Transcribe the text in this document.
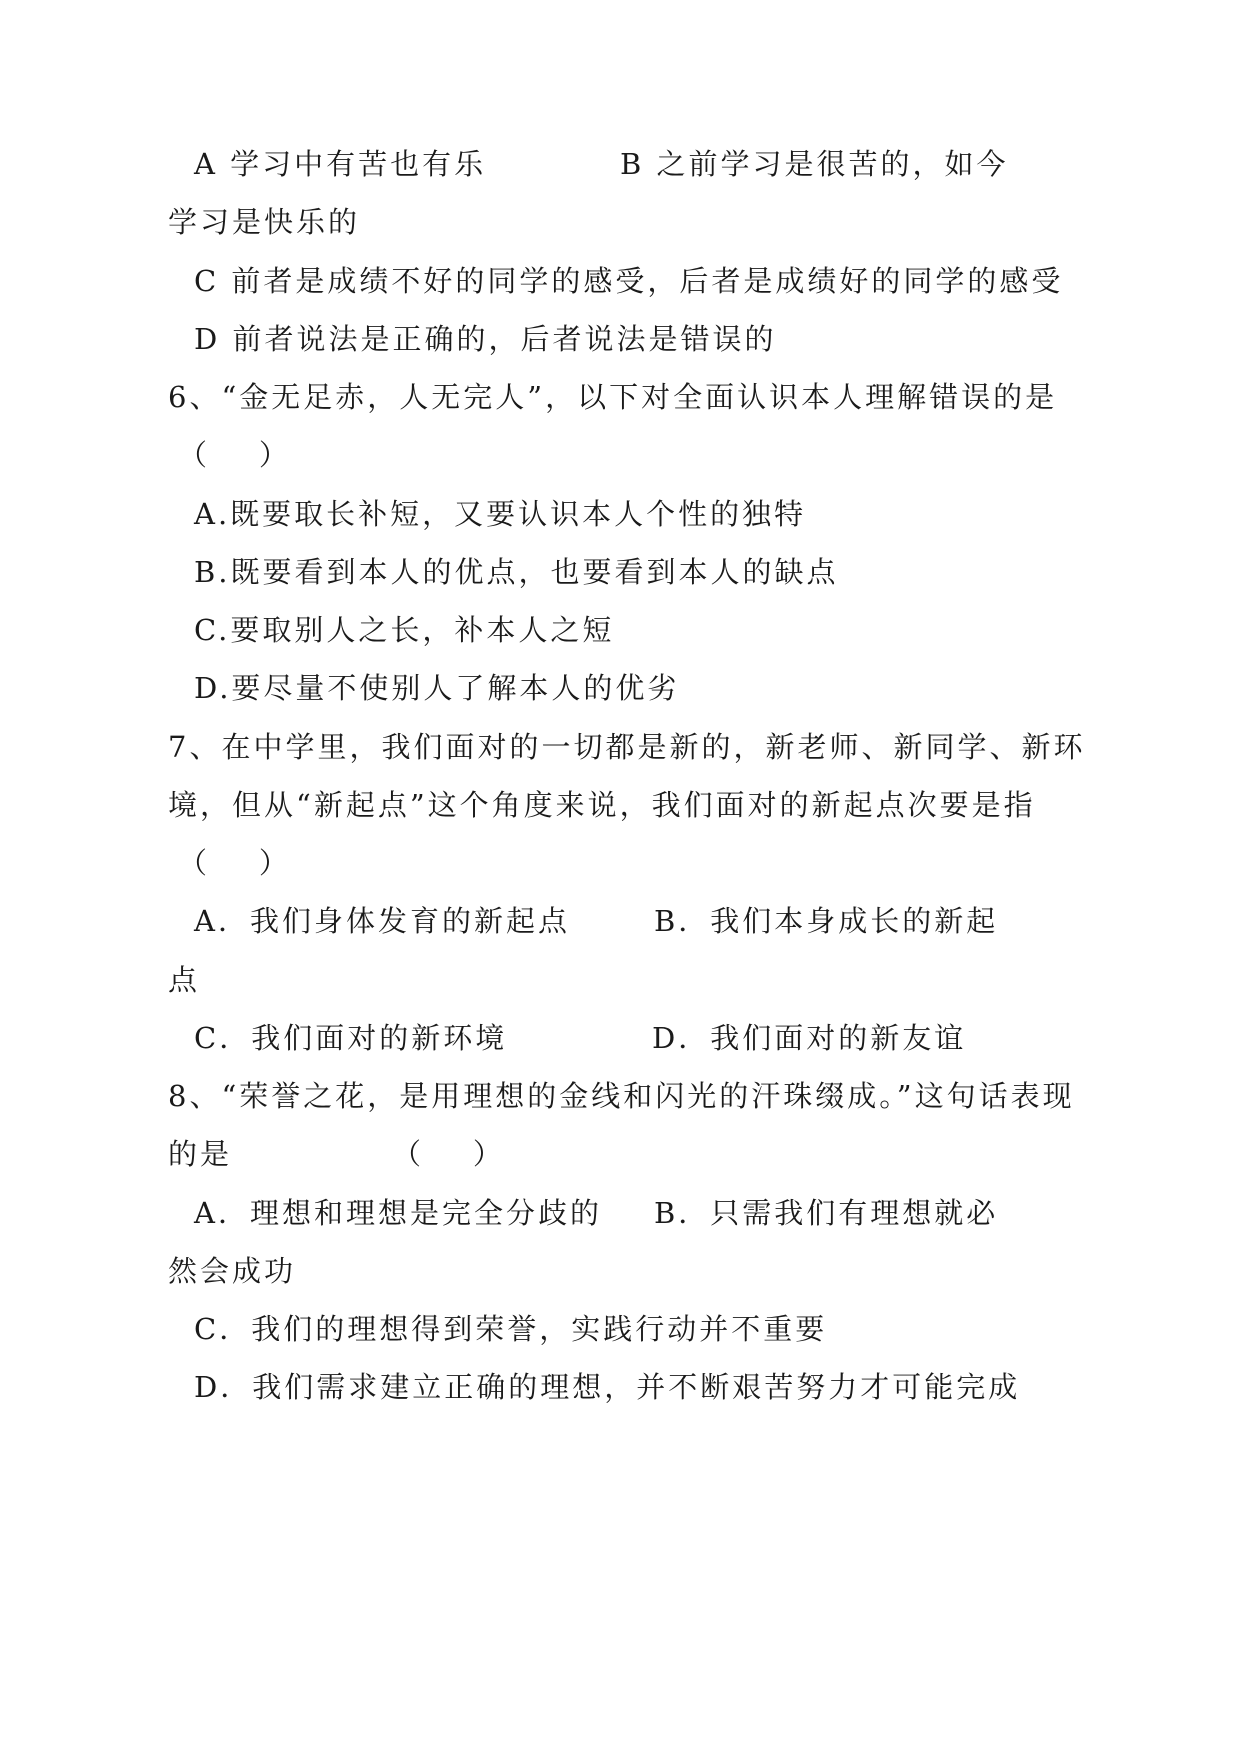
A 学习中有苦也有乐	B 之前学习是很苦的，如今
学习是快乐的
C 前者是成绩不好的同学的感受，后者是成绩好的同学的感受
D 前者说法是正确的，后者说法是错误的
6、“金无足赤，人无完人”，以下对全面认识本人理解错误的是
（    ）
A.既要取长补短，又要认识本人个性的独特
B.既要看到本人的优点，也要看到本人的缺点
C.要取别人之长，补本人之短
D.要尽量不使别人了解本人的优劣
7、在中学里，我们面对的一切都是新的，新老师、新同学、新环
境，但从“新起点”这个角度来说，我们面对的新起点次要是指
（    ）
A．我们身体发育的新起点	B．我们本身成长的新起
点
C．我们面对的新环境	D．我们面对的新友谊
8、“荣誉之花，是用理想的金线和闪光的汗珠缀成。”这句话表现
的是	（    ）
A．理想和理想是完全分歧的 B．只需我们有理想就必
然会成功
C．我们的理想得到荣誉，实践行动并不重要
D．我们需求建立正确的理想，并不断艰苦努力才可能完成
